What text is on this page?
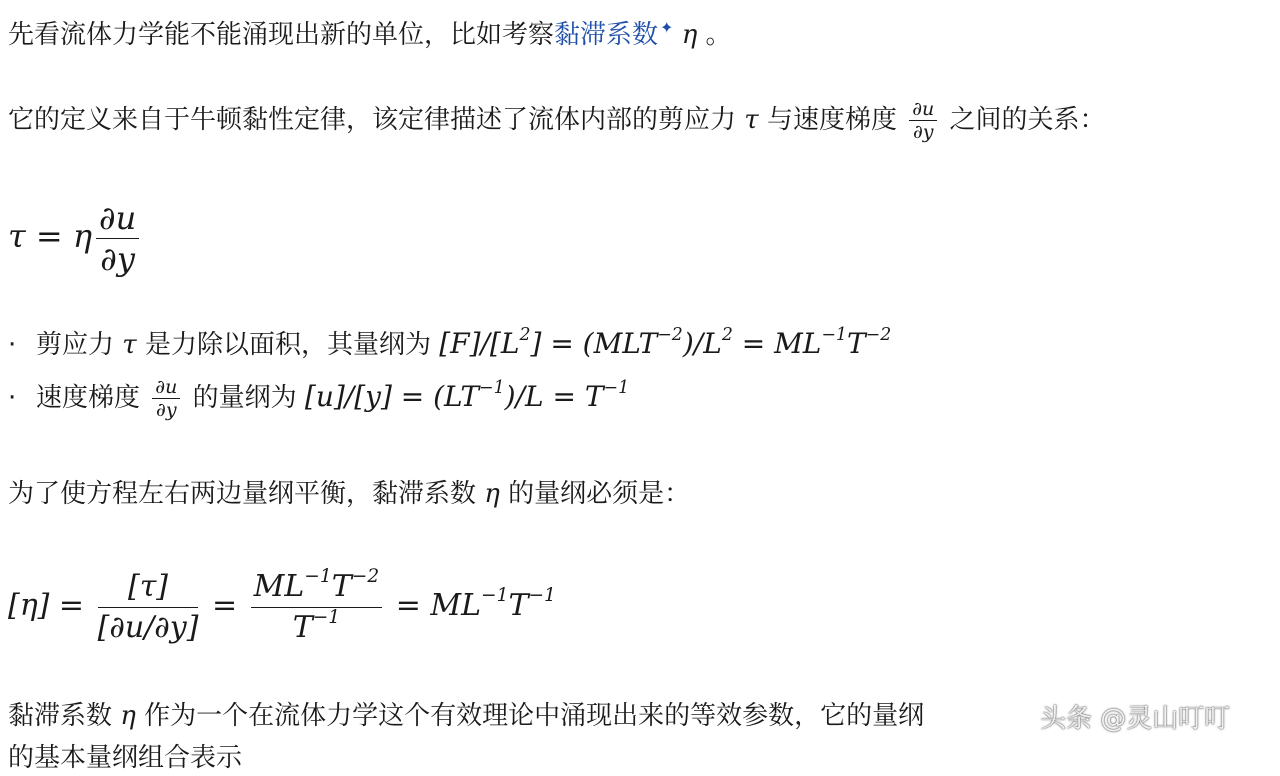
先看流体力学能不能涌现出新的单位，比如考察黏滞系数 ✦ η 。
它的定义来自于牛顿黏性定律，该定律描述了流体内部的剪应力 τ 与速度梯度 $\frac{\partial u}{\partial y}$ 之间的关系：
τ = η $\frac{\partial u}{\partial y}$
· 剪应力 τ 是力除以面积，其量纲为 $[F]/[L^2] = (MLT^{-2})/L^2 = ML^{-1}T^{-2}$
· 速度梯度 $\frac{\partial u}{\partial y}$ 的量纲为 $[u]/[y] = (LT^{-1})/L = T^{-1}$
为了使方程左右两边量纲平衡，黏滞系数 η 的量纲必须是：
$[\eta] = \frac{[\tau]}{[\partial u/\partial y]} = \frac{ML^{-1}T^{-2}}{T^{-1}} = ML^{-1}T^{-1}$
黏滞系数 η 作为一个在流体力学这个有效理论中涌现出来的等效参数，它的量纲
的基本量纲组合表示
头条 @灵山叮叮
